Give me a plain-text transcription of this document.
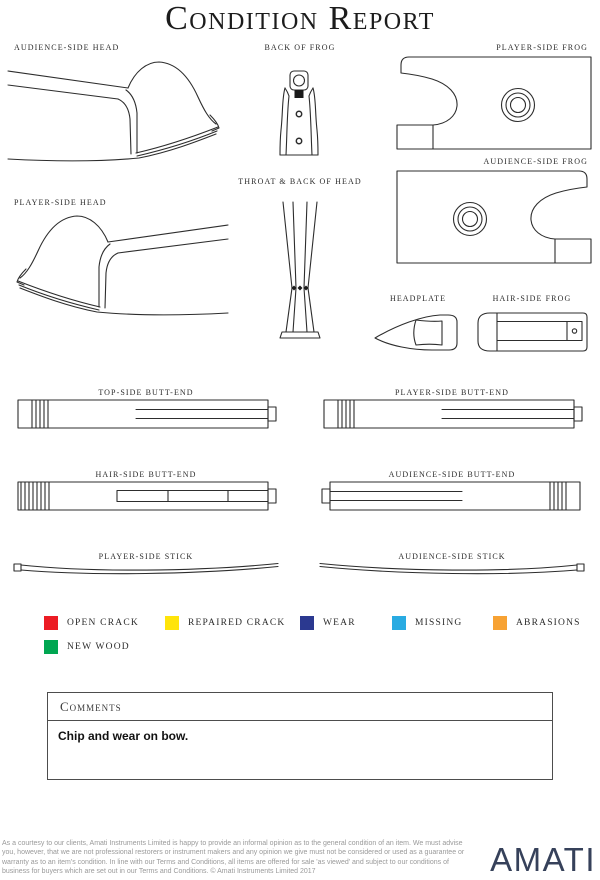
Condition Report
AUDIENCE-SIDE HEAD	BACK OF FROG	PLAYER-SIDE FROG
AUDIENCE-SIDE FROG
PLAYER-SIDE HEAD
THROAT & BACK OF HEAD
HEADPLATE	HAIR-SIDE FROG
TOP-SIDE BUTT-END	PLAYER-SIDE BUTT-END
HAIR-SIDE BUTT-END	AUDIENCE-SIDE BUTT-END
PLAYER-SIDE STICK	AUDIENCE-SIDE STICK
OPEN CRACK	REPAIRED CRACK	WEAR	MISSING	ABRASIONS
NEW WOOD
Comments
Chip and wear on bow.
As a courtesy to our clients, Amati Instruments Limited is happy to provide an informal opinion as to the general condition of an item. We must advise you, however, that we are not professional restorers or instrument makers and any opinion we give must not be considered or used as a guarantee or warranty as to an item's condition. In line with our Terms and Conditions, all items are offered for sale 'as viewed' and subject to our conditions of business for buyers which are set out in our Terms and Conditions. © Amati Instruments Limited 2017	AMATI
